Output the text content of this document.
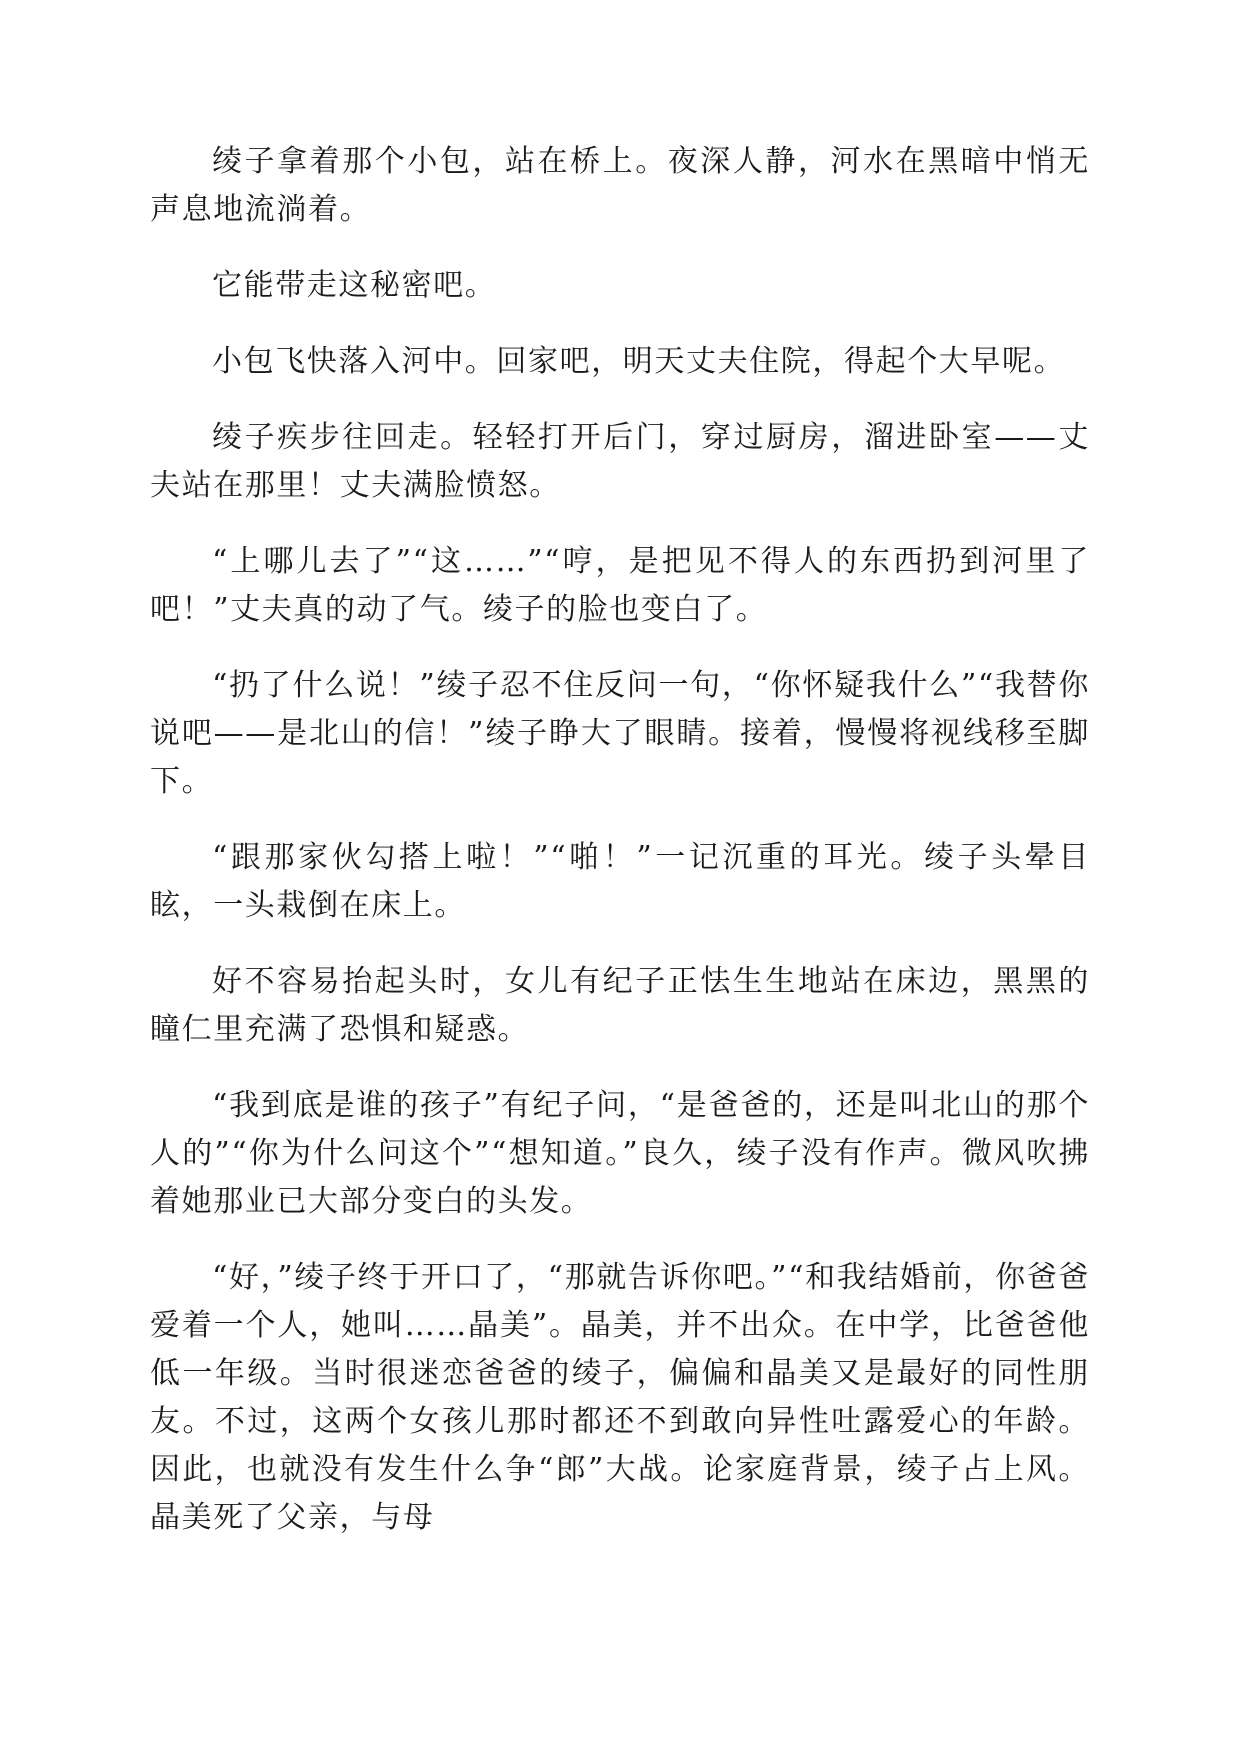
绫子拿着那个小包，站在桥上。夜深人静，河水在黑暗中悄无声息地流淌着。

它能带走这秘密吧。

小包飞快落入河中。回家吧，明天丈夫住院，得起个大早呢。

绫子疾步往回走。轻轻打开后门，穿过厨房，溜进卧室——丈夫站在那里！丈夫满脸愤怒。

“上哪儿去了”“这……”“哼，是把见不得人的东西扔到河里了吧！”丈夫真的动了气。绫子的脸也变白了。

“扔了什么说！”绫子忍不住反问一句，“你怀疑我什么”“我替你说吧——是北山的信！”绫子睁大了眼睛。接着，慢慢将视线移至脚下。

“跟那家伙勾搭上啦！”“啪！”一记沉重的耳光。绫子头晕目眩，一头栽倒在床上。

好不容易抬起头时，女儿有纪子正怯生生地站在床边，黑黑的瞳仁里充满了恐惧和疑惑。

“我到底是谁的孩子”有纪子问，“是爸爸的，还是叫北山的那个人的”“你为什么问这个”“想知道。”良久，绫子没有作声。微风吹拂着她那业已大部分变白的头发。

“好，”绫子终于开口了，“那就告诉你吧。”“和我结婚前，你爸爸爱着一个人，她叫……晶美”。晶美，并不出众。在中学，比爸爸他低一年级。当时很迷恋爸爸的绫子，偏偏和晶美又是最好的同性朋友。不过，这两个女孩儿那时都还不到敢向异性吐露爱心的年龄。因此，也就没有发生什么争“郎”大战。论家庭背景，绫子占上风。晶美死了父亲，与母
